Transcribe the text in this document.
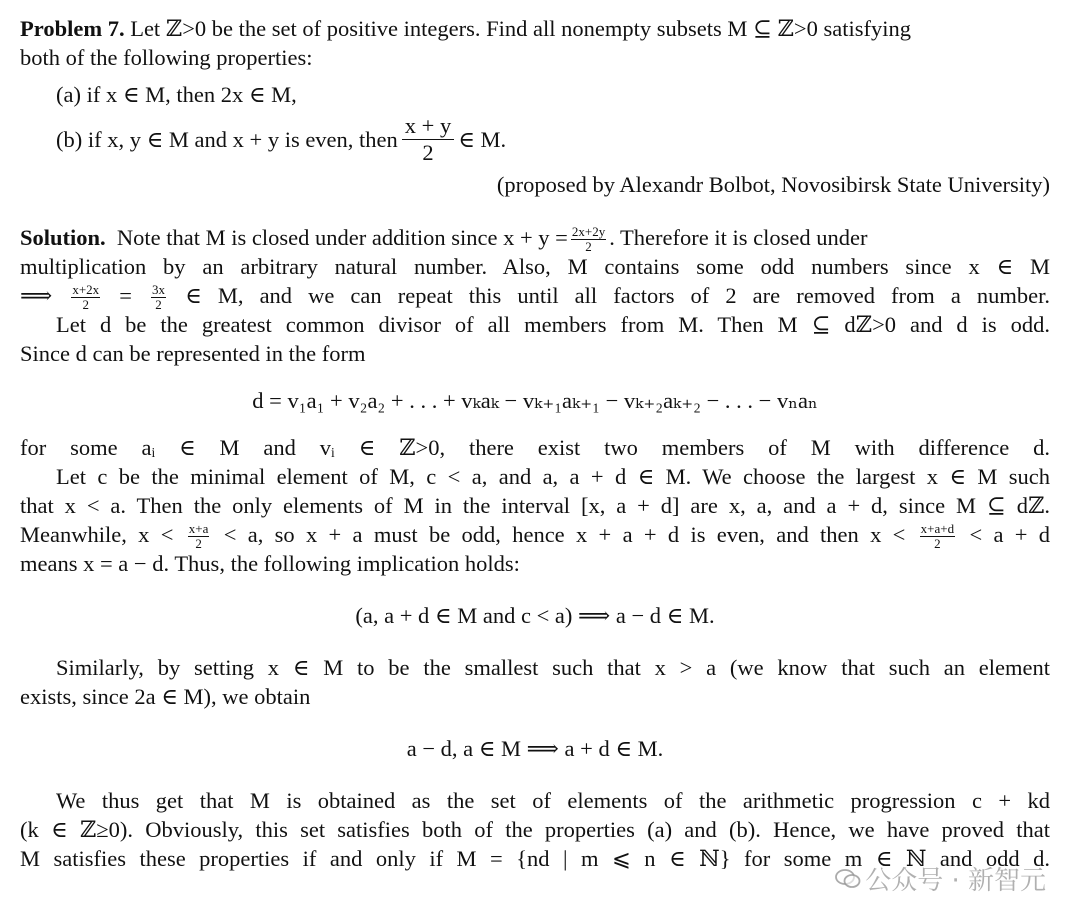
Problem 7. Let ℤ>0 be the set of positive integers. Find all nonempty subsets M ⊆ ℤ>0 satisfying
both of the following properties:
(a) if x ∈ M, then 2x ∈ M,
(b) if x, y ∈ M and x + y is even, then $\frac{x + y}{2}$ ∈ M.
(proposed by Alexandr Bolbot, Novosibirsk State University)
Solution. Note that M is closed under addition since $x + y = \frac{2x+2y}{2}$ . Therefore it is closed under
multiplication by an arbitrary natural number. Also, M contains some odd numbers since x ∈ M
⟹ $\frac{x+2x}{2} = \frac{3x}{2}$ ∈ M, and we can repeat this until all factors of 2 are removed from a number.
Let d be the greatest common divisor of all members from M. Then M ⊆ dℤ>0 and d is odd.
Since d can be represented in the form
d = v₁a₁ + v₂a₂ + . . . + vₖaₖ − vₖ₊₁aₖ₊₁ − vₖ₊₂aₖ₊₂ − . . . − vₙaₙ
for some aᵢ ∈ M and vᵢ ∈ ℤ>0, there exist two members of M with difference d.
Let c be the minimal element of M, c < a, and a, a + d ∈ M. We choose the largest x ∈ M such
that x < a. Then the only elements of M in the interval [x, a + d] are x, a, and a + d, since M ⊆ dℤ.
Meanwhile, $x < \frac{x+a}{2} < a$, so x + a must be odd, hence x + a + d is even, and then $x < \frac{x+a+d}{2} < a + d$
means x = a − d. Thus, the following implication holds:
(a, a + d ∈ M and c < a) ⟹ a − d ∈ M.
Similarly, by setting x ∈ M to be the smallest such that x > a (we know that such an element
exists, since 2a ∈ M), we obtain
a − d, a ∈ M ⟹ a + d ∈ M.
We thus get that M is obtained as the set of elements of the arithmetic progression c + kd
(k ∈ ℤ≥0). Obviously, this set satisfies both of the properties (a) and (b). Hence, we have proved that
M satisfies these properties if and only if M = {nd | m ⩽ n ∈ ℕ} for some m ∈ ℕ and odd d.
公众号 · 新智元
